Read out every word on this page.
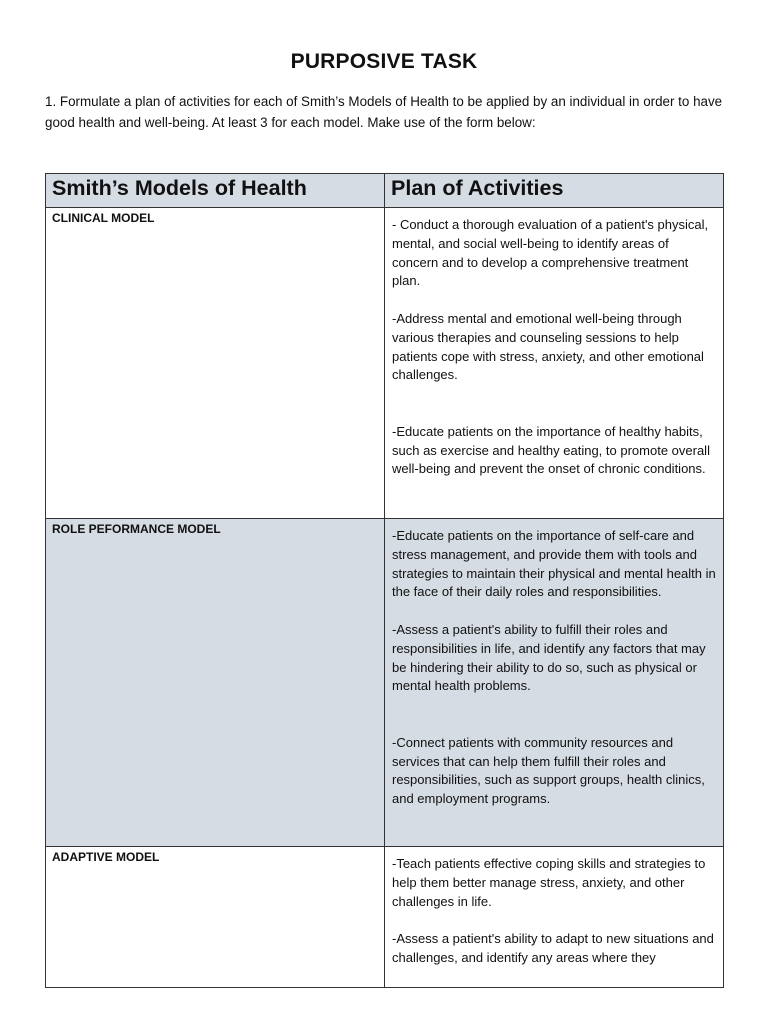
PURPOSIVE TASK
1. Formulate a plan of activities for each of Smith’s Models of Health to be applied by an individual in order to have good health and well-being. At least 3 for each model. Make use of the form below:
Smith’s Models of Health	Plan of Activities
CLINICAL MODEL	- Conduct a thorough evaluation of a patient's physical, mental, and social well-being to identify areas of concern and to develop a comprehensive treatment plan.

-Address mental and emotional well-being through various therapies and counseling sessions to help patients cope with stress, anxiety, and other emotional challenges.

-Educate patients on the importance of healthy habits, such as exercise and healthy eating, to promote overall well-being and prevent the onset of chronic conditions.

ROLE PEFORMANCE MODEL	-Educate patients on the importance of self-care and stress management, and provide them with tools and strategies to maintain their physical and mental health in the face of their daily roles and responsibilities.

-Assess a patient's ability to fulfill their roles and responsibilities in life, and identify any factors that may be hindering their ability to do so, such as physical or mental health problems.

-Connect patients with community resources and services that can help them fulfill their roles and responsibilities, such as support groups, health clinics, and employment programs.

ADAPTIVE MODEL	-Teach patients effective coping skills and strategies to help them better manage stress, anxiety, and other challenges in life.

-Assess a patient's ability to adapt to new situations and challenges, and identify any areas where they
